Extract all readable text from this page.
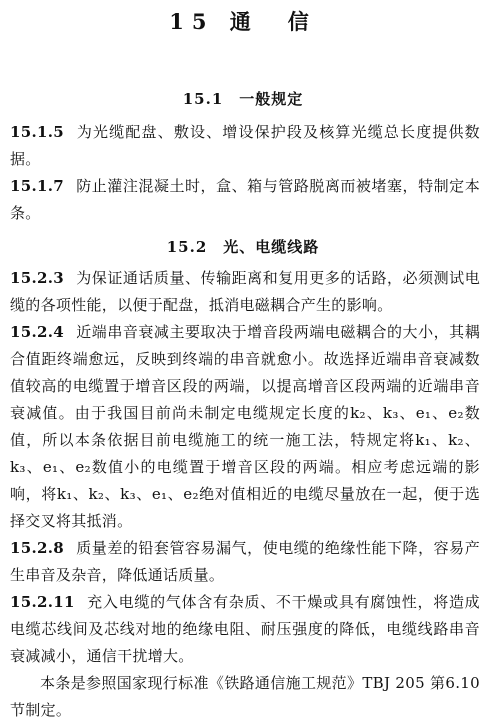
15 通　信
15.1　一般规定
15.1.5 为光缆配盘、敷设、增设保护段及核算光缆总长度提供数据。
15.1.7 防止灌注混凝土时，盒、箱与管路脱离而被堵塞，特制定本条。
15.2　光、电缆线路
15.2.3 为保证通话质量、传输距离和复用更多的话路，必须测试电缆的各项性能，以便于配盘，抵消电磁耦合产生的影响。
15.2.4 近端串音衰减主要取决于增音段两端电磁耦合的大小，其耦合值距终端愈远，反映到终端的串音就愈小。故选择近端串音衰减数值较高的电缆置于增音区段的两端，以提高增音区段两端的近端串音衰减值。由于我国目前尚未制定电缆规定长度的k₂、k₃、e₁、e₂数值，所以本条依据目前电缆施工的统一施工法，特规定将k₁、k₂、k₃、e₁、e₂数值小的电缆置于增音区段的两端。相应考虑远端的影响，将k₁、k₂、k₃、e₁、e₂绝对值相近的电缆尽量放在一起，便于选择交叉将其抵消。
15.2.8 质量差的铅套管容易漏气，使电缆的绝缘性能下降，容易产生串音及杂音，降低通话质量。
15.2.11 充入电缆的气体含有杂质、不干燥或具有腐蚀性，将造成电缆芯线间及芯线对地的绝缘电阻、耐压强度的降低，电缆线路串音衰减减小，通信干扰增大。
本条是参照国家现行标准《铁路通信施工规范》TBJ 205 第6.10节制定。
